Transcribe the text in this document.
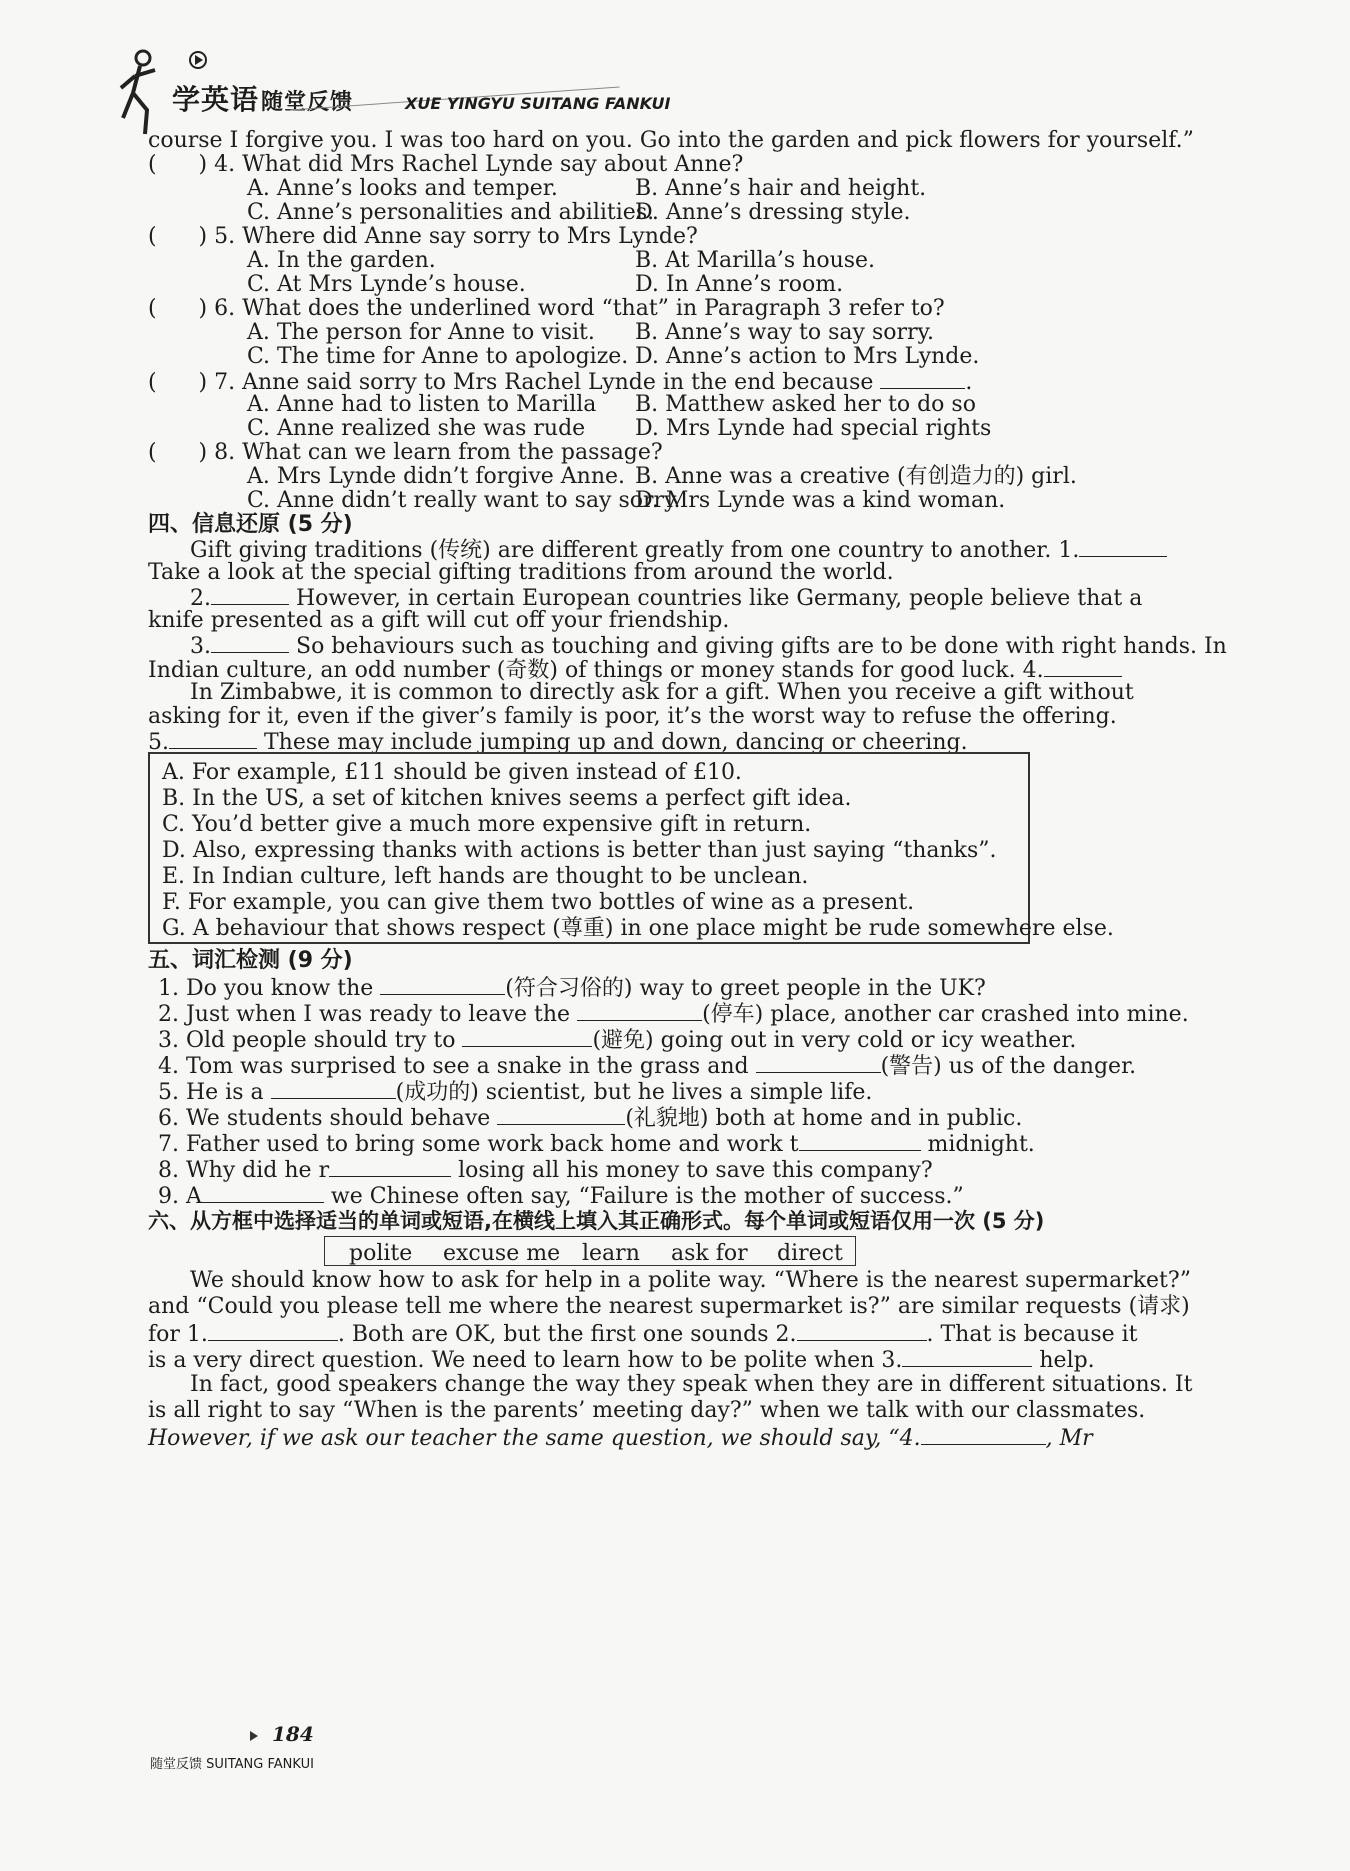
学英语随堂反馈	XUE YINGYU SUITANG FANKUI
course I forgive you. I was too hard on you. Go into the garden and pick flowers for yourself.”
(      ) 4. What did Mrs Rachel Lynde say about Anne?
A. Anne’s looks and temper.	B. Anne’s hair and height.
C. Anne’s personalities and abilities.
D. Anne’s dressing style.
(      ) 5. Where did Anne say sorry to Mrs Lynde?
A. In the garden.	B. At Marilla’s house.
C. At Mrs Lynde’s house.	D. In Anne’s room.
(      ) 6. What does the underlined word “that” in Paragraph 3 refer to?
A. The person for Anne to visit. B. Anne’s way to say sorry.
C. The time for Anne to apologize. D. Anne’s action to Mrs Lynde.
(      ) 7. Anne said sorry to Mrs Rachel Lynde in the end because	.
A. Anne had to listen to Marilla B. Matthew asked her to do so
C. Anne realized she was rude D. Mrs Lynde had special rights
(      ) 8. What can we learn from the passage?
A. Mrs Lynde didn’t forgive Anne. B. Anne was a creative (有创造力的) girl.
C. Anne didn’t really want to say sorry.
D. Mrs Lynde was a kind woman.
四、信息还原 (5 分)
Gift giving traditions (传统) are different greatly from one country to another. 1.
Take a look at the special gifting traditions from around the world.
2.	However, in certain European countries like Germany, people believe that a
knife presented as a gift will cut off your friendship.
3.	So behaviours such as touching and giving gifts are to be done with right hands. In
Indian culture, an odd number (奇数) of things or money stands for good luck. 4.
In Zimbabwe, it is common to directly ask for a gift. When you receive a gift without
asking for it, even if the giver’s family is poor, it’s the worst way to refuse the offering.
5.	These may include jumping up and down, dancing or cheering.
A. For example, £11 should be given instead of £10.
B. In the US, a set of kitchen knives seems a perfect gift idea.
C. You’d better give a much more expensive gift in return.
D. Also, expressing thanks with actions is better than just saying “thanks”.
E. In Indian culture, left hands are thought to be unclean.
F. For example, you can give them two bottles of wine as a present.
G. A behaviour that shows respect (尊重) in one place might be rude somewhere else.
五、词汇检测 (9 分)
1. Do you know the	(符合习俗的) way to greet people in the UK?
2. Just when I was ready to leave the	(停车) place, another car crashed into mine.
3. Old people should try to	(避免) going out in very cold or icy weather.
4. Tom was surprised to see a snake in the grass and	(警告) us of the danger.
5. He is a	(成功的) scientist, but he lives a simple life.
6. We students should behave	(礼貌地) both at home and in public.
7. Father used to bring some work back home and work t	midnight.
8. Why did he r	losing all his money to save this company?
9. A	we Chinese often say, “Failure is the mother of success.”
六、从方框中选择适当的单词或短语,在横线上填入其正确形式。每个单词或短语仅用一次 (5 分)
polite excuse me learn ask for direct
We should know how to ask for help in a polite way. “Where is the nearest supermarket?”
and “Could you please tell me where the nearest supermarket is?” are similar requests (请求)
for 1.	. Both are OK, but the first one sounds 2.	. That is because it
is a very direct question. We need to learn how to be polite when 3.	help.
In fact, good speakers change the way they speak when they are in different situations. It
is all right to say “When is the parents’ meeting day?” when we talk with our classmates.
However, if we ask our teacher the same question, we should say, “4.	, Mr
184
随堂反馈 SUITANG FANKUI
